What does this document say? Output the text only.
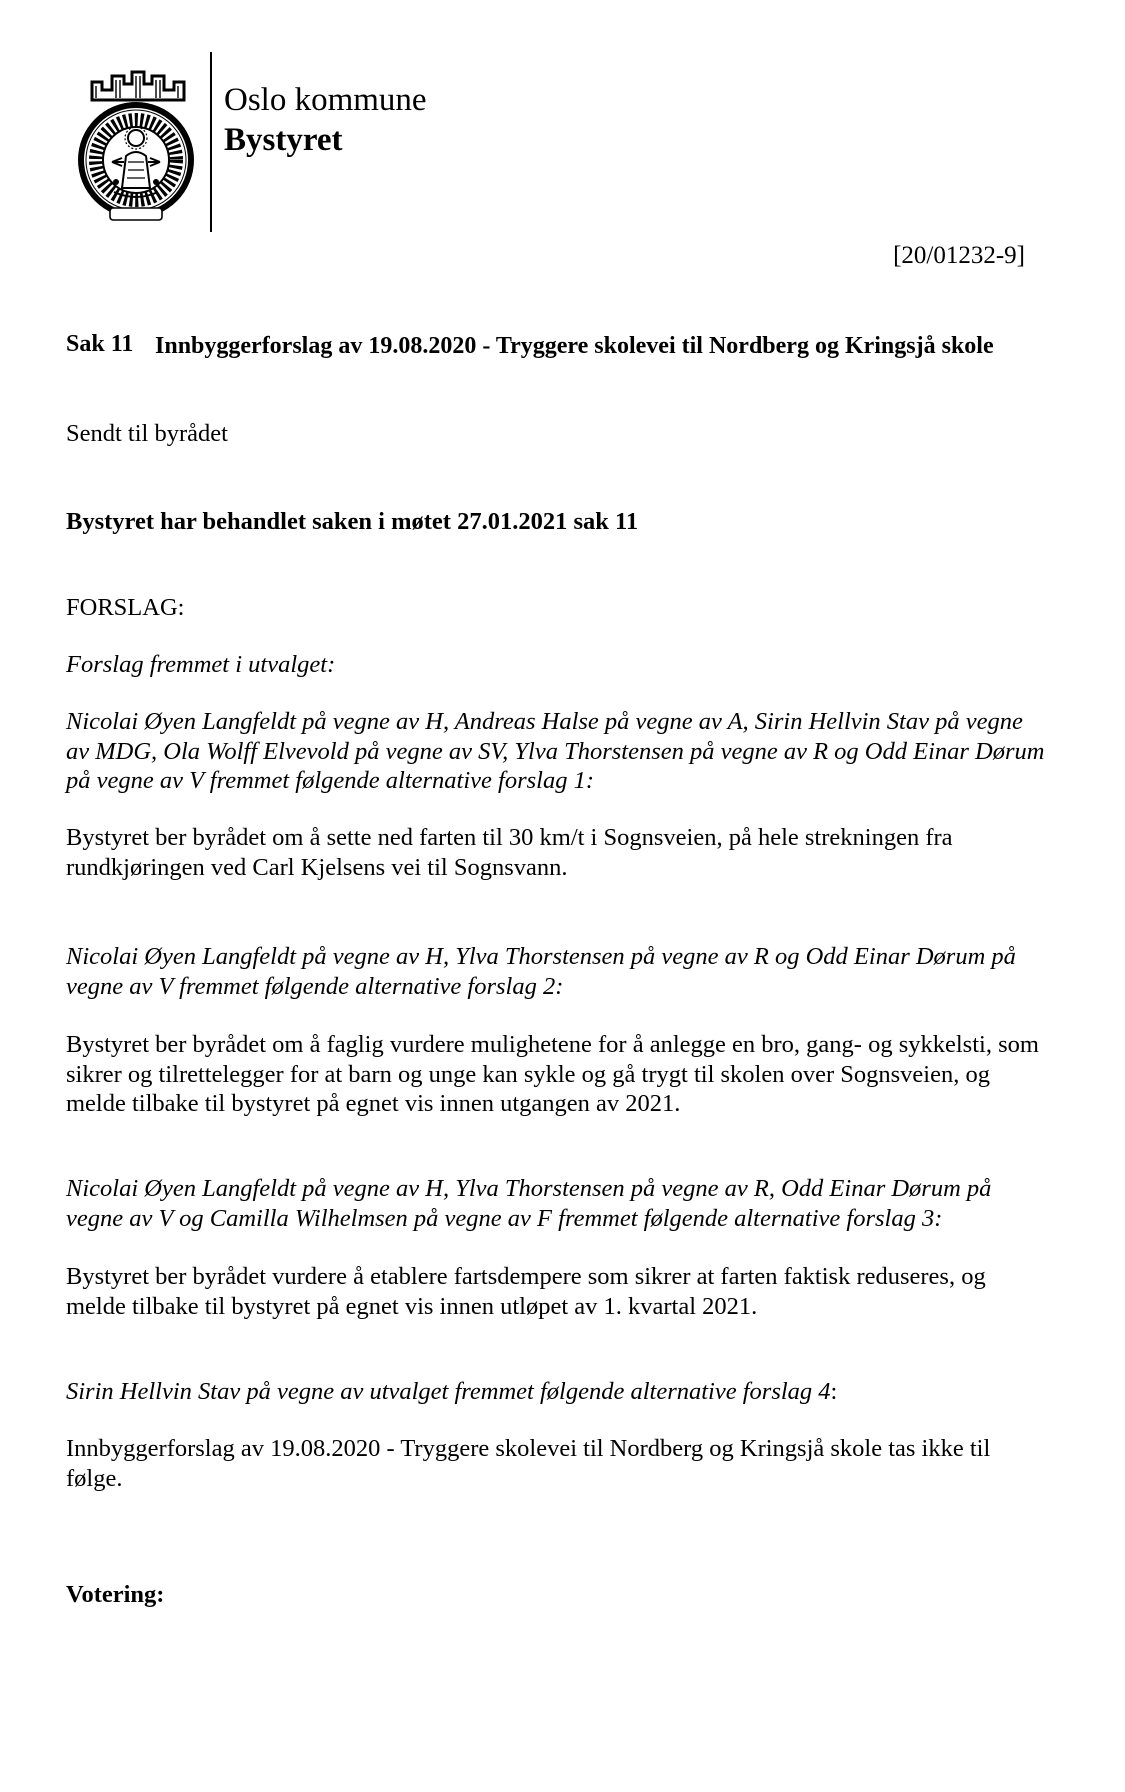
Oslo kommune
Bystyret
[20/01232-9]
Sak 11 Innbyggerforslag av 19.08.2020 - Tryggere skolevei til Nordberg og Kringsjå skole
Sendt til byrådet
Bystyret har behandlet saken i møtet 27.01.2021 sak 11
FORSLAG:
Forslag fremmet i utvalget:
Nicolai Øyen Langfeldt på vegne av H, Andreas Halse på vegne av A, Sirin Hellvin Stav på vegne av MDG, Ola Wolff Elvevold på vegne av SV, Ylva Thorstensen på vegne av R og Odd Einar Dørum på vegne av V fremmet følgende alternative forslag 1:
Bystyret ber byrådet om å sette ned farten til 30 km/t i Sognsveien, på hele strekningen fra rundkjøringen ved Carl Kjelsens vei til Sognsvann.
Nicolai Øyen Langfeldt på vegne av H, Ylva Thorstensen på vegne av R og Odd Einar Dørum på vegne av V fremmet følgende alternative forslag 2:
Bystyret ber byrådet om å faglig vurdere mulighetene for å anlegge en bro, gang- og sykkelsti, som sikrer og tilrettelegger for at barn og unge kan sykle og gå trygt til skolen over Sognsveien, og melde tilbake til bystyret på egnet vis innen utgangen av 2021.
Nicolai Øyen Langfeldt på vegne av H, Ylva Thorstensen på vegne av R, Odd Einar Dørum på vegne av V og Camilla Wilhelmsen på vegne av F fremmet følgende alternative forslag 3:
Bystyret ber byrådet vurdere å etablere fartsdempere som sikrer at farten faktisk reduseres, og melde tilbake til bystyret på egnet vis innen utløpet av 1. kvartal 2021.
Sirin Hellvin Stav på vegne av utvalget fremmet følgende alternative forslag 4:
Innbyggerforslag av 19.08.2020 - Tryggere skolevei til Nordberg og Kringsjå skole tas ikke til følge.
Votering:
